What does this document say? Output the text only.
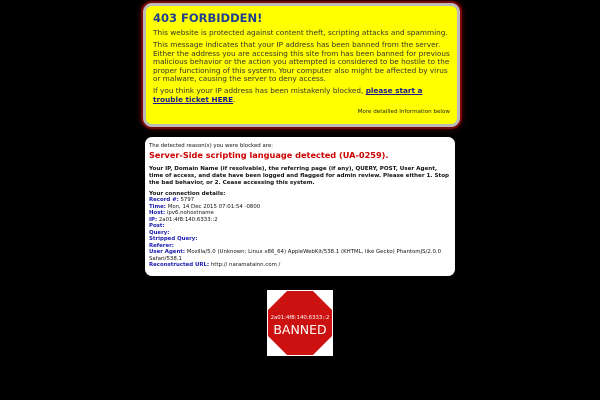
403 FORBIDDEN!

This website is protected against content theft, scripting attacks and spamming.

This message indicates that your IP address has been banned from the server. Either the address you are accessing this site from has been banned for previous malicious behavior or the action you attempted is considered to be hostile to the proper functioning of this system. Your computer also might be affected by virus or malware, causing the server to deny access.

If you think your IP address has been mistakenly blocked, please start a trouble ticket HERE.

More detailled Information below
The detected reason(s) you were blocked are:
Server-Side scripting language detected (UA-0259).
Your IP, Domain Name (if resolvable), the referring page (if any), QUERY, POST, User Agent, time of access, and date have been logged and flagged for admin review. Please either 1. Stop the bad behavior, or 2. Cease accessing this system.
Your connection details:
Record #: 5797
Time: Mon, 14 Dec 2015 07:01:54 -0800
Host: ipv6.nohostname
IP: 2a01:4f8:140:6333::2
Post:
Query:
Stripped Query:
Referer:
User Agent: Mozilla/5.0 (Unknown; Linux x86_64) AppleWebKit/538.1 (KHTML, like Gecko) PhantomJS/2.0.0 Safari/538.1
Reconstructed URL: http:// naramatainn.com /
2a01:4f8:140:6333::2
BANNED
